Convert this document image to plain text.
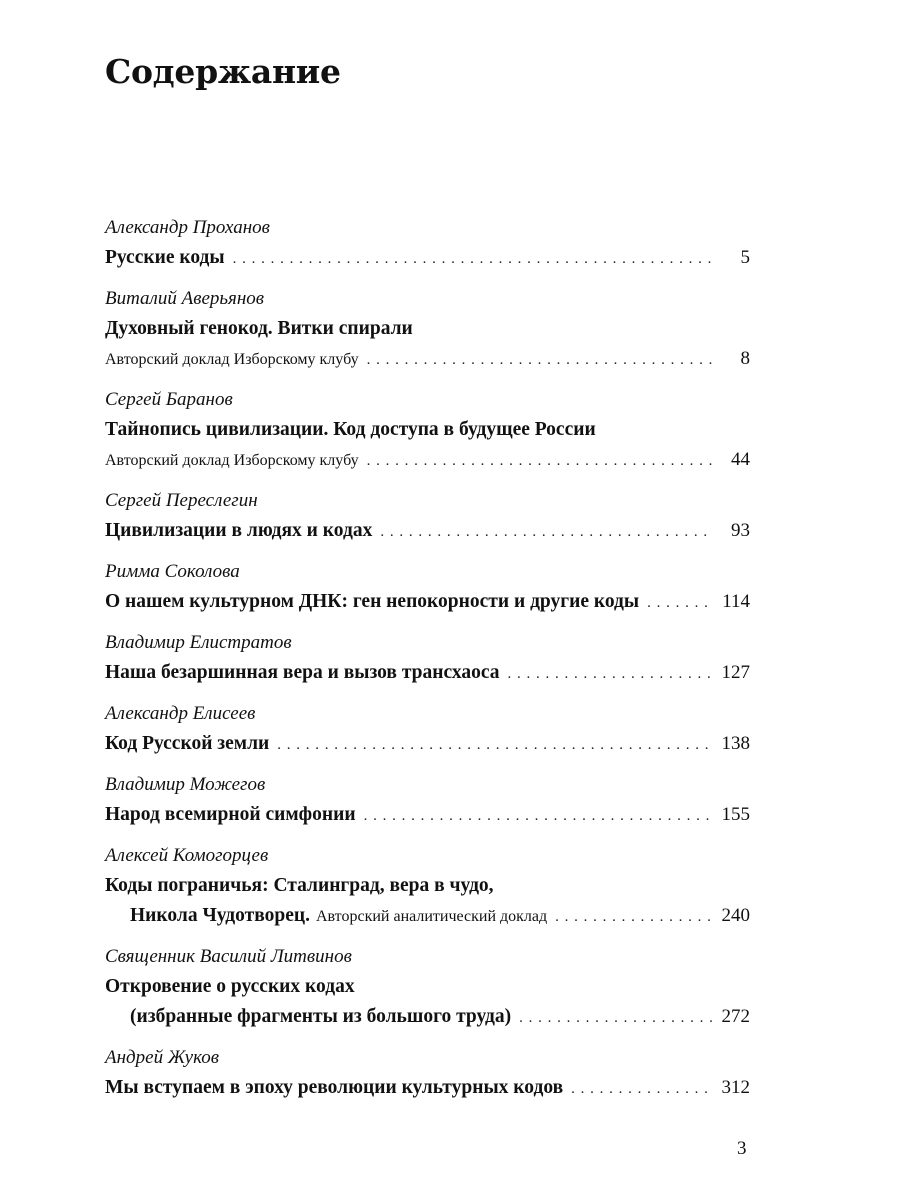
Содержание
Александр Проханов
Русские коды . . .	5
Виталий Аверьянов
Духовный генокод. Витки спирали
Авторский доклад Изборскому клубу . . .	8
Сергей Баранов
Тайнопись цивилизации. Код доступа в будущее России
Авторский доклад Изборскому клубу . . .	44
Сергей Переслегин
Цивилизации в людях и кодах . . .	93
Римма Соколова
О нашем культурном ДНК: ген непокорности и другие коды . . .	114
Владимир Елистратов
Наша безаршинная вера и вызов трансхаоса . . .	127
Александр Елисеев
Код Русской земли . . .	138
Владимир Можегов
Народ всемирной симфонии . . .	155
Алексей Комогорцев
Коды пограничья: Сталинград, вера в чудо,
Никола Чудотворец. Авторский аналитический доклад . . .	240
Священник Василий Литвинов
Откровение о русских кодах
(избранные фрагменты из большого труда) . . .	272
Андрей Жуков
Мы вступаем в эпоху революции культурных кодов . . .	312
3
